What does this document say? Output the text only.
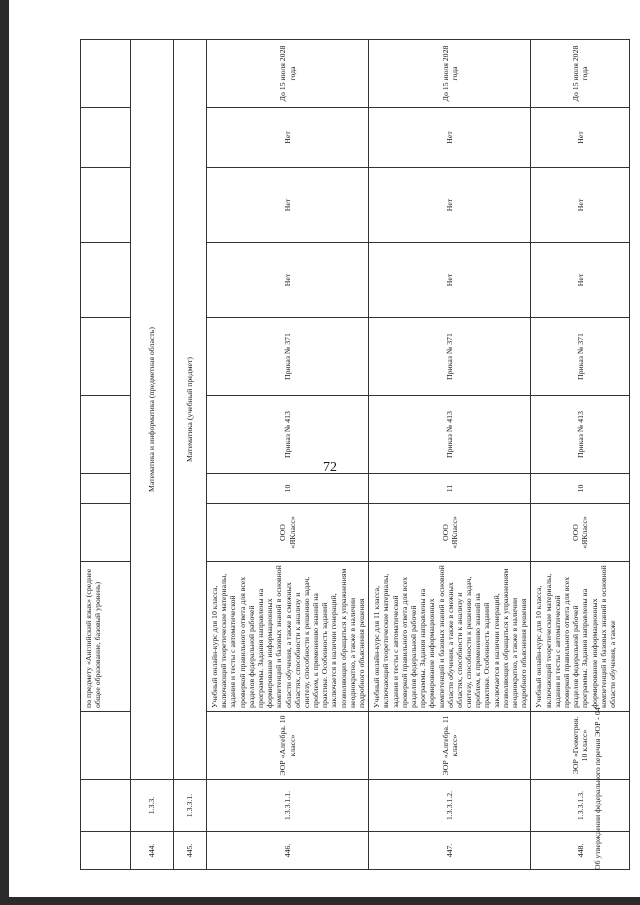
72
			по предмету «Английский язык» (среднее общее образование, базовый уровень)								
444.	1.3.3.	Математика и информатика (предметная область)									
445.	1.3.3.1.	Математика (учебный предмет)									
446.	1.3.3.1.1.	ЭОР «Алгебра. 10 класс»	Учебный онлайн-курс для 10 класса, включающий теоретические материалы, задания и тесты с автоматической проверкой правильного ответа для всех разделов федеральной рабочей программы. Задания направлены на формирование информационных компетенций и базовых знаний в основной области обучения, а также в смежных областях, способности к анализу и синтезу, способности к решению задач, проблем, к применению знаний на практике. Особенность заданий заключается в наличии генераций, позволяющих обращаться к упражнениям неоднократно, а также в наличии подробного объяснения решения	ООО «ЯКласс»	10	Приказ № 413	Приказ № 371	Нет	Нет	Нет	До 15 июля 2028 года
447.	1.3.3.1.2.	ЭОР «Алгебра. 11 класс»	Учебный онлайн-курс для 11 класса, включающий теоретические материалы, задания и тесты с автоматической проверкой правильного ответа для всех разделов федеральной рабочей программы. Задания направлены на формирование информационных компетенций и базовых знаний в основной области обучения, а также в смежных областях, способности к анализу и синтезу, способности к решению задач, проблем, к применению знаний на практике. Особенность заданий заключается в наличии генераций, позволяющих обращаться к упражнениям неоднократно, а также в наличии подробного объяснения решения	ООО «ЯКласс»	11	Приказ № 413	Приказ № 371	Нет	Нет	Нет	До 15 июля 2028 года
448.	1.3.3.1.3.	ЭОР «Геометрия. 10 класс»	Учебный онлайн-курс для 10 класса, включающий теоретические материалы, задания и тесты с автоматической проверкой правильного ответа для всех разделов федеральной рабочей программы. Задания направлены на формирование информационных компетенций и базовых знаний в основной области обучения, а также	ООО «ЯКласс»	10	Приказ № 413	Приказ № 371	Нет	Нет	Нет	До 15 июля 2028 года
Об утверждении федерального перечня ЭОР - 04
